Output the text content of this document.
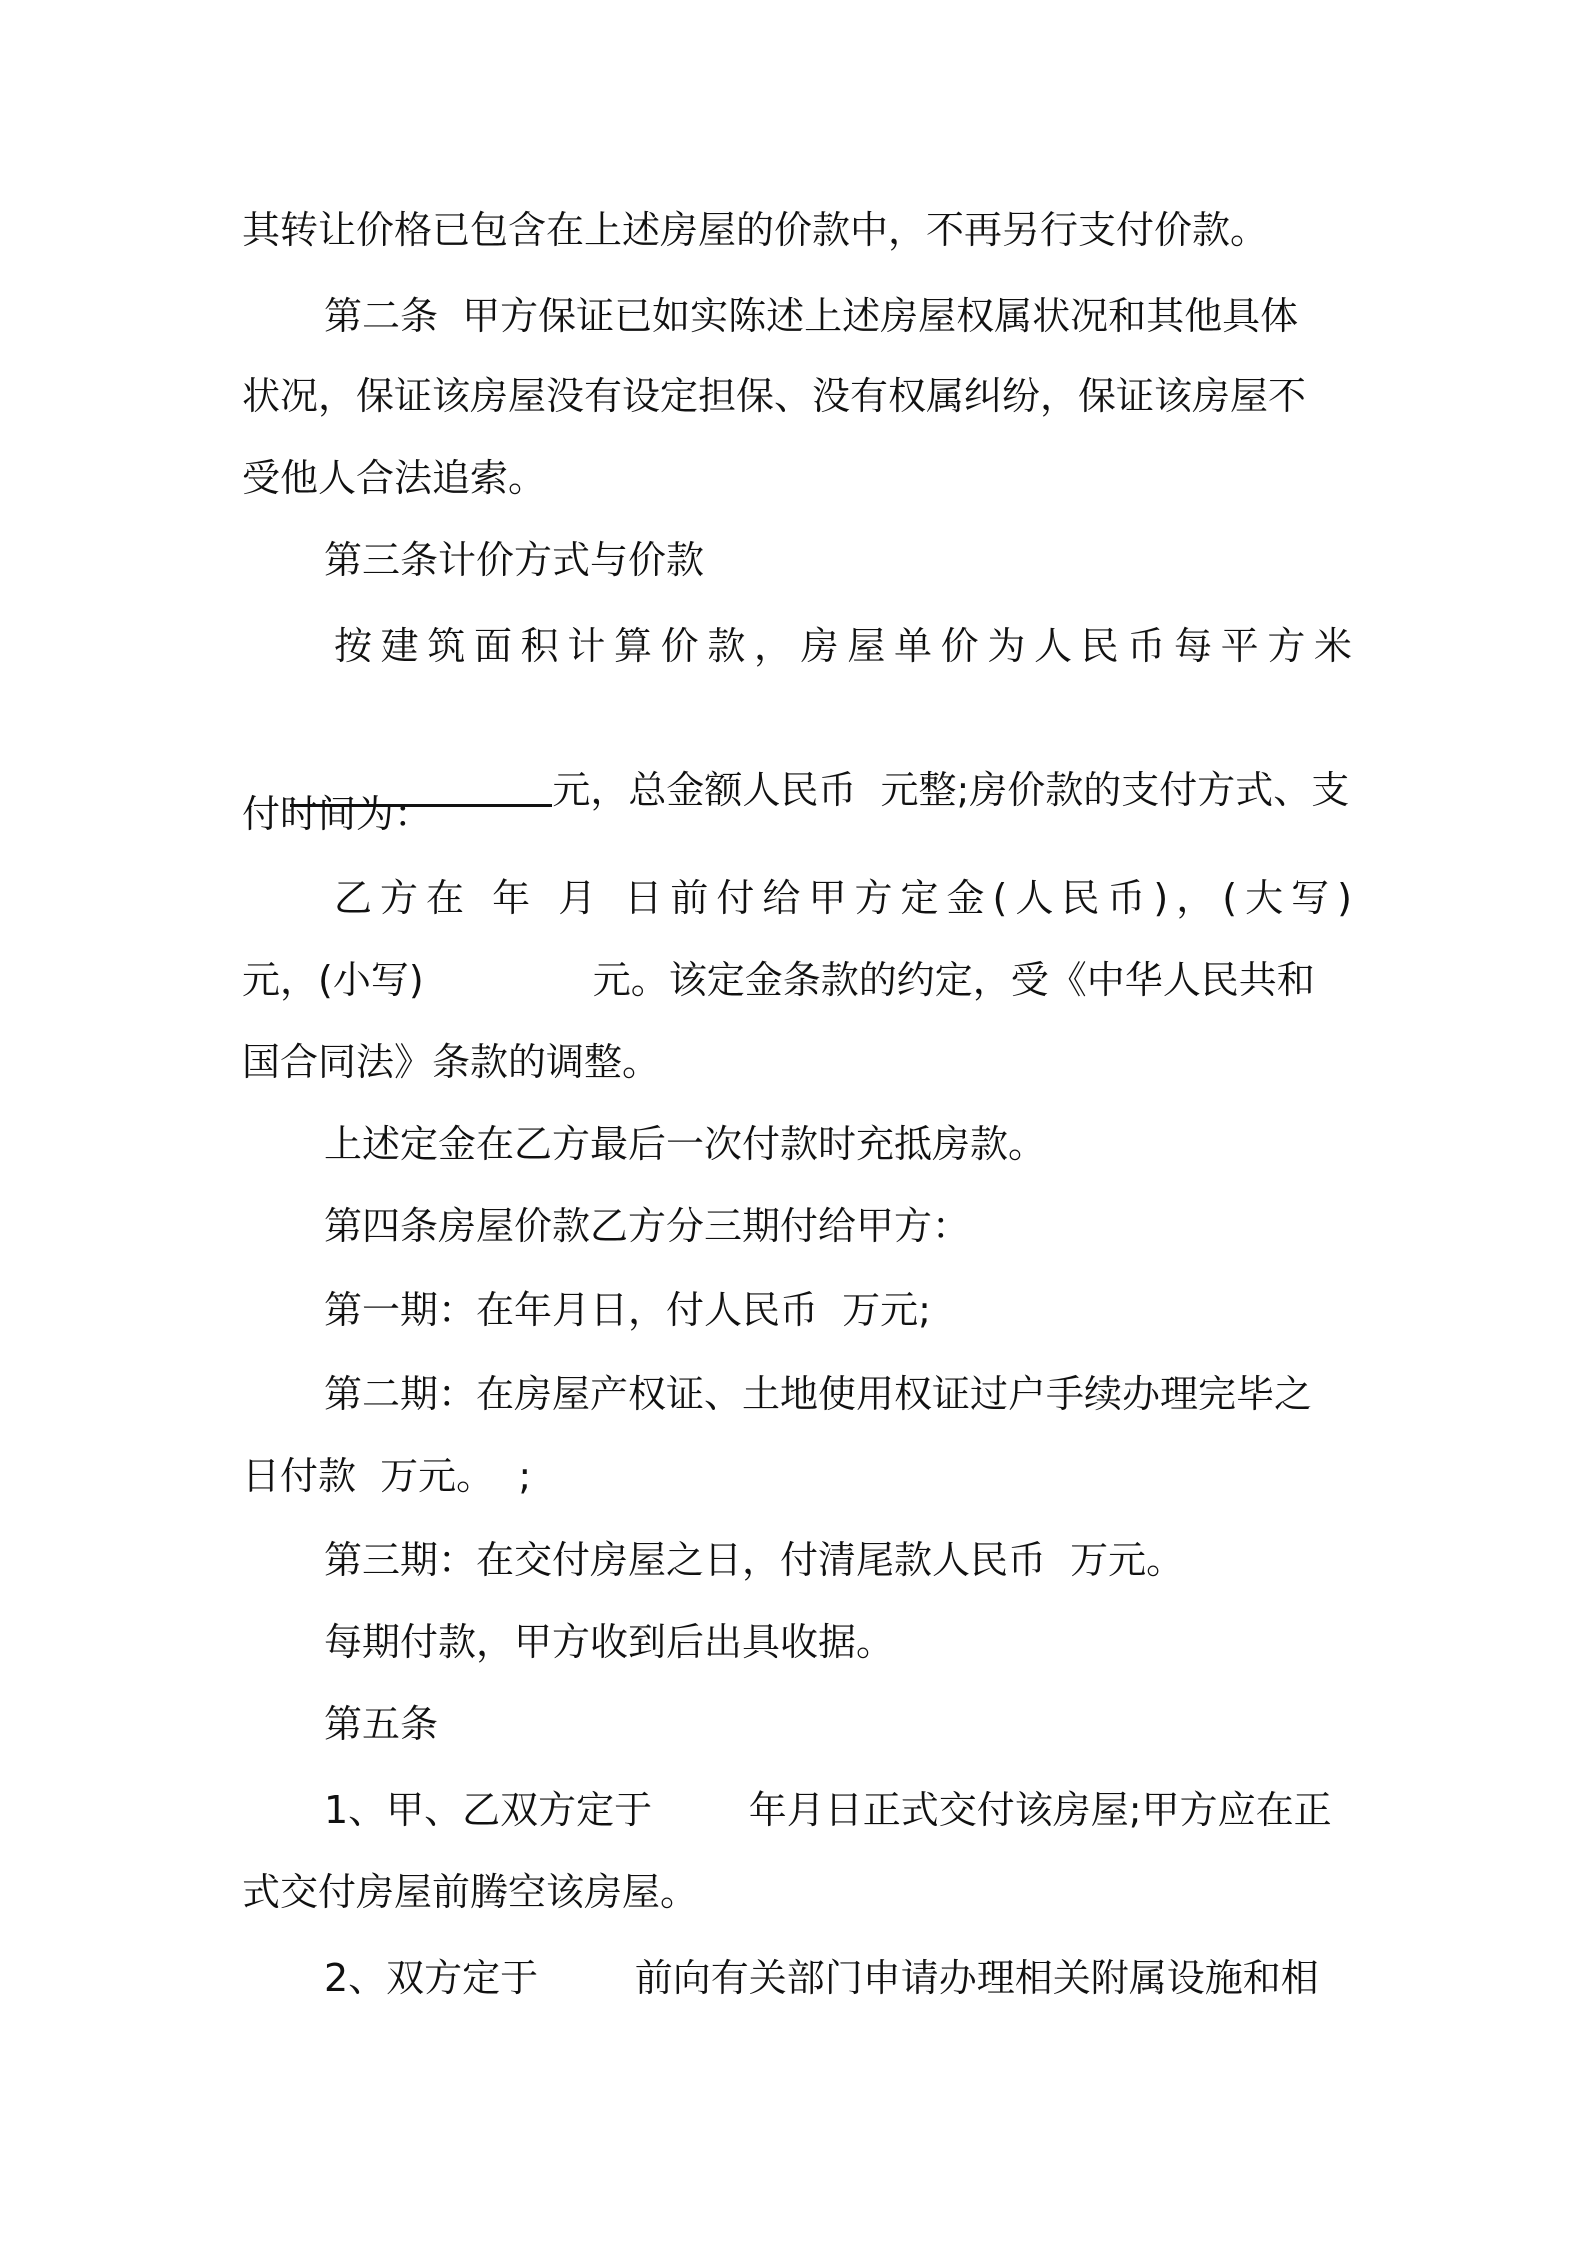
其转让价格已包含在上述房屋的价款中，不再另行支付价款。
第二条  甲方保证已如实陈述上述房屋权属状况和其他具体
状况，保证该房屋没有设定担保、没有权属纠纷，保证该房屋不
受他人合法追索。
第三条计价方式与价款
按建筑面积计算价款，房屋单价为人民币每平方米

元，总金额人民币  元整;房价款的支付方式、支

付时间为：
乙方在 年 月 日前付给甲方定金(人民币)，(大写)
元，(小写)              元。该定金条款的约定，受《中华人民共和
国合同法》条款的调整。
上述定金在乙方最后一次付款时充抵房款。
第四条房屋价款乙方分三期付给甲方：
第一期：在年月日，付人民币  万元;
第二期：在房屋产权证、土地使用权证过户手续办理完毕之
日付款  万元。  ;
第三期：在交付房屋之日，付清尾款人民币  万元。
每期付款，甲方收到后出具收据。
第五条
1、甲、乙双方定于        年月日正式交付该房屋;甲方应在正
式交付房屋前腾空该房屋。
2、双方定于        前向有关部门申请办理相关附属设施和相
